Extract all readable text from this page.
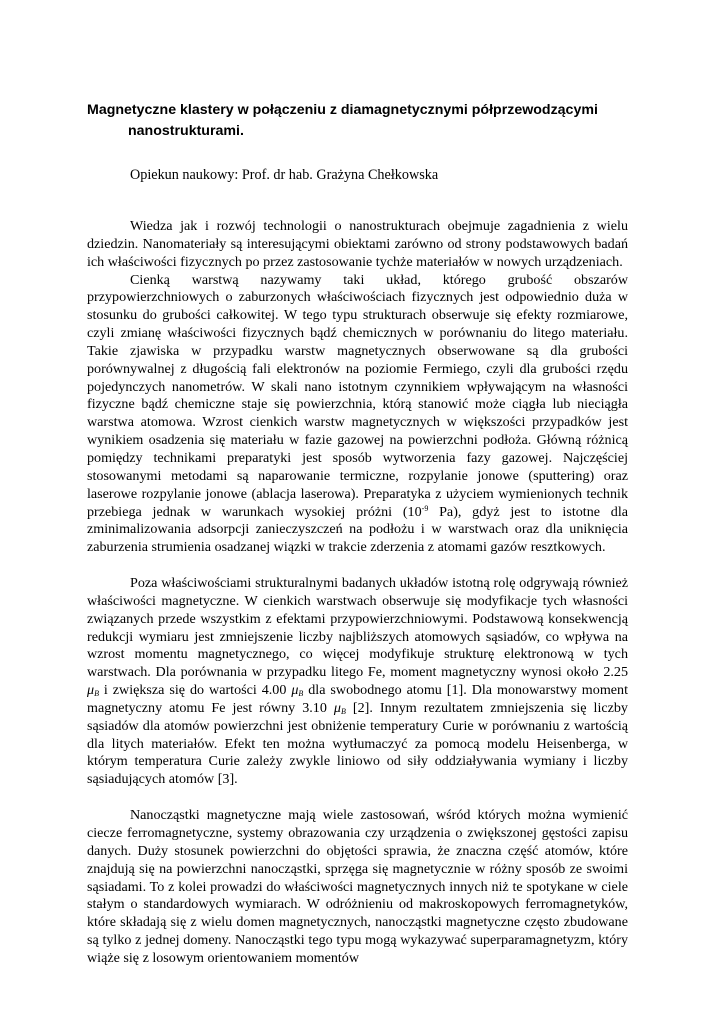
Magnetyczne klastery w połączeniu z diamagnetycznymi półprzewodzącymi nanostrukturami.

Opiekun naukowy: Prof. dr hab. Grażyna Chełkowska

Wiedza jak i rozwój technologii o nanostrukturach obejmuje zagadnienia z wielu dziedzin. Nanomateriały są interesującymi obiektami zarówno od strony podstawowych badań ich właściwości fizycznych po przez zastosowanie tychże materiałów w nowych urządzeniach.

Cienką warstwą nazywamy taki układ, którego grubość obszarów przypowierzchniowych o zaburzonych właściwościach fizycznych jest odpowiednio duża w stosunku do grubości całkowitej. W tego typu strukturach obserwuje się efekty rozmiarowe, czyli zmianę właściwości fizycznych bądź chemicznych w porównaniu do litego materiału. Takie zjawiska w przypadku warstw magnetycznych obserwowane są dla grubości porównywalnej z długością fali elektronów na poziomie Fermiego, czyli dla grubości rzędu pojedynczych nanometrów. W skali nano istotnym czynnikiem wpływającym na własności fizyczne bądź chemiczne staje się powierzchnia, którą stanowić może ciągła lub nieciągła warstwa atomowa. Wzrost cienkich warstw magnetycznych w większości przypadków jest wynikiem osadzenia się materiału w fazie gazowej na powierzchni podłoża. Główną różnicą pomiędzy technikami preparatyki jest sposób wytworzenia fazy gazowej. Najczęściej stosowanymi metodami są naparowanie termiczne, rozpylanie jonowe (sputtering) oraz laserowe rozpylanie jonowe (ablacja laserowa). Preparatyka z użyciem wymienionych technik przebiega jednak w warunkach wysokiej próżni ($10^{-9}$ Pa), gdyż jest to istotne dla zminimalizowania adsorpcji zanieczyszczeń na podłożu i w warstwach oraz dla uniknięcia zaburzenia strumienia osadzanej wiązki w trakcie zderzenia z atomami gazów resztkowych.

Poza właściwościami strukturalnymi badanych układów istotną rolę odgrywają również właściwości magnetyczne. W cienkich warstwach obserwuje się modyfikacje tych własności związanych przede wszystkim z efektami przypowierzchniowymi. Podstawową konsekwencją redukcji wymiaru jest zmniejszenie liczby najbliższych atomowych sąsiadów, co wpływa na wzrost momentu magnetycznego, co więcej modyfikuje strukturę elektronową w tych warstwach. Dla porównania w przypadku litego Fe, moment magnetyczny wynosi około 2.25 $\mu_B$ i zwiększa się do wartości 4.00 $\mu_B$ dla swobodnego atomu [1]. Dla monowarstwy moment magnetyczny atomu Fe jest równy 3.10 $\mu_B$ [2]. Innym rezultatem zmniejszenia się liczby sąsiadów dla atomów powierzchni jest obniżenie temperatury Curie w porównaniu z wartością dla litych materiałów. Efekt ten można wytłumaczyć za pomocą modelu Heisenberga, w którym temperatura Curie zależy zwykle liniowo od siły oddziaływania wymiany i liczby sąsiadujących atomów [3].

Nanocząstki magnetyczne mają wiele zastosowań, wśród których można wymienić ciecze ferromagnetyczne, systemy obrazowania czy urządzenia o zwiększonej gęstości zapisu danych. Duży stosunek powierzchni do objętości sprawia, że znaczna część atomów, które znajdują się na powierzchni nanocząstki, sprzęga się magnetycznie w różny sposób ze swoimi sąsiadami. To z kolei prowadzi do właściwości magnetycznych innych niż te spotykane w ciele stałym o standardowych wymiarach. W odróżnieniu od makroskopowych ferromagnetyków, które składają się z wielu domen magnetycznych, nanocząstki magnetyczne często zbudowane są tylko z jednej domeny. Nanocząstki tego typu mogą wykazywać superparamagnetyzm, który wiąże się z losowym orientowaniem momentów
